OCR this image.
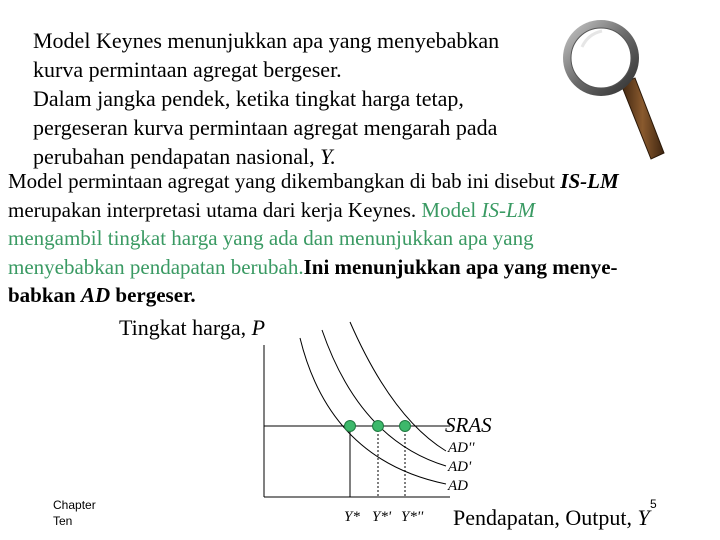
Model Keynes menunjukkan apa yang menyebabkan
kurva permintaan agregat bergeser.
Dalam jangka pendek, ketika tingkat harga tetap,
pergeseran kurva permintaan agregat mengarah pada
perubahan pendapatan nasional, Y.
Model permintaan agregat yang dikembangkan di bab ini disebut IS-LM
merupakan interpretasi utama dari kerja Keynes. Model IS-LM
mengambil tingkat harga yang ada dan menunjukkan apa yang
menyebabkan pendapatan berubah.Ini menunjukkan apa yang menye-
babkan AD bergeser.
Tingkat harga, P
SRAS
AD''
AD'
AD
Y* Y*' Y*'' Pendapatan, Output, Y
Chapter
Ten
5
